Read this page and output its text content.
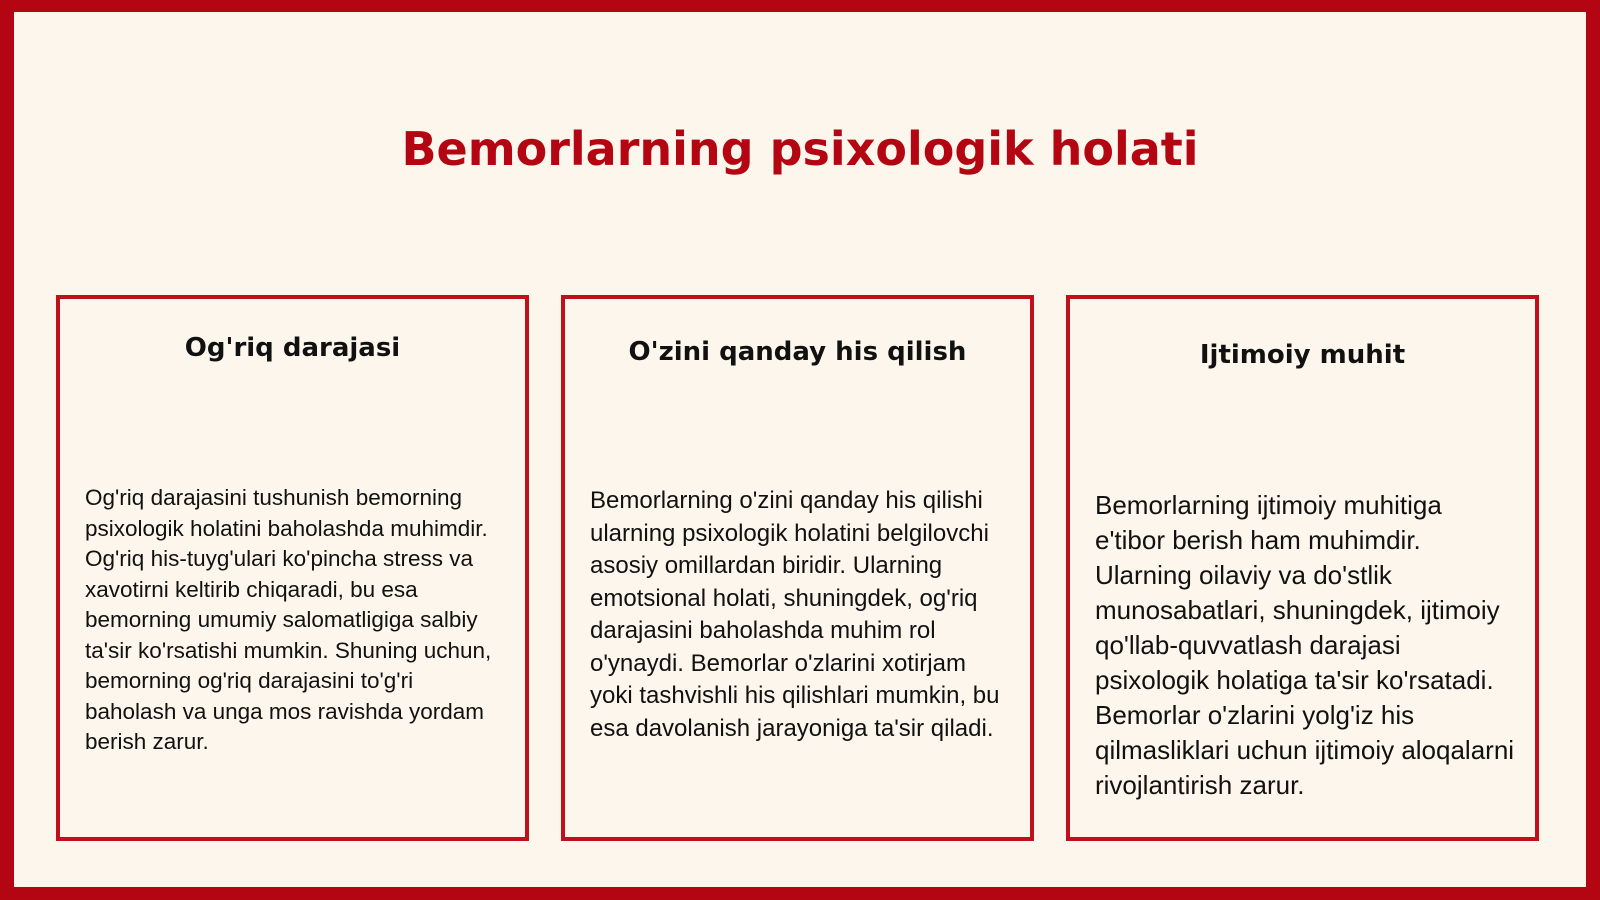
Bemorlarning psixologik holati
Og'riq darajasi

Og'riq darajasini tushunish bemorning psixologik holatini baholashda muhimdir. Og'riq his-tuyg'ulari ko'pincha stress va xavotirni keltirib chiqaradi, bu esa bemorning umumiy salomatligiga salbiy ta'sir ko'rsatishi mumkin. Shuning uchun, bemorning og'riq darajasini to'g'ri baholash va unga mos ravishda yordam berish zarur.

O'zini qanday his qilish

Bemorlarning o'zini qanday his qilishi ularning psixologik holatini belgilovchi asosiy omillardan biridir. Ularning emotsional holati, shuningdek, og'riq darajasini baholashda muhim rol o'ynaydi. Bemorlar o'zlarini xotirjam yoki tashvishli his qilishlari mumkin, bu esa davolanish jarayoniga ta'sir qiladi.

Ijtimoiy muhit

Bemorlarning ijtimoiy muhitiga e'tibor berish ham muhimdir. Ularning oilaviy va do'stlik munosabatlari, shuningdek, ijtimoiy qo'llab-quvvatlash darajasi psixologik holatiga ta'sir ko'rsatadi. Bemorlar o'zlarini yolg'iz his qilmasliklari uchun ijtimoiy aloqalarni rivojlantirish zarur.
